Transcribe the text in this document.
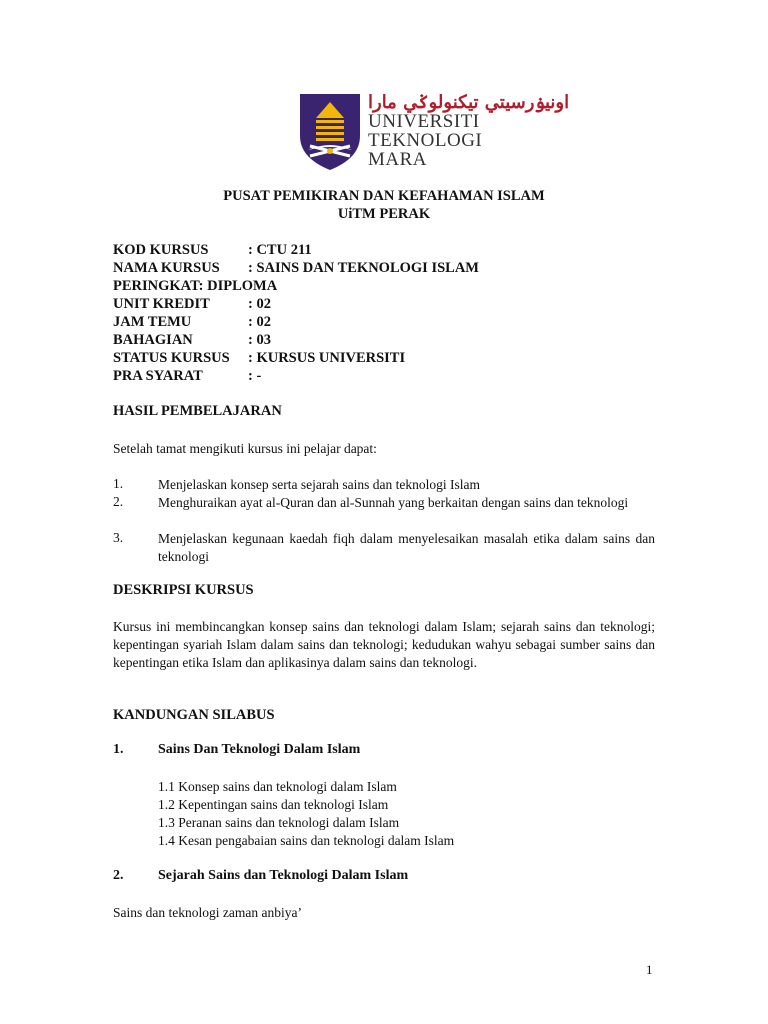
اونيۏرسيتي تيكنولوݢي مارا
UNIVERSITI
TEKNOLOGI
MARA
PUSAT PEMIKIRAN DAN KEFAHAMAN ISLAM
UiTM PERAK
KOD KURSUS	: CTU 211
NAMA KURSUS : SAINS DAN TEKNOLOGI ISLAM
PERINGKAT: DIPLOMA
UNIT KREDIT	: 02
JAM TEMU	: 02
BAHAGIAN	: 03
STATUS KURSUS : KURSUS UNIVERSITI
PRA SYARAT	: -
HASIL PEMBELAJARAN
Setelah tamat mengikuti kursus ini pelajar dapat:
1.	Menjelaskan konsep serta sejarah sains dan teknologi Islam
2.	Menghuraikan ayat al-Quran dan al-Sunnah yang berkaitan dengan sains dan teknologi
3.	Menjelaskan kegunaan kaedah fiqh dalam menyelesaikan masalah etika dalam sains dan teknologi
DESKRIPSI KURSUS
Kursus ini membincangkan konsep sains dan teknologi dalam Islam; sejarah sains dan teknologi; kepentingan syariah Islam dalam sains dan teknologi; kedudukan wahyu sebagai sumber sains dan kepentingan etika Islam dan aplikasinya dalam sains dan teknologi.
KANDUNGAN SILABUS
1. Sains Dan Teknologi Dalam Islam
1.1 Konsep sains dan teknologi dalam Islam
1.2 Kepentingan sains dan teknologi Islam
1.3 Peranan sains dan teknologi dalam Islam
1.4 Kesan pengabaian sains dan teknologi dalam Islam
2. Sejarah Sains dan Teknologi Dalam Islam
Sains dan teknologi zaman anbiya’
1
